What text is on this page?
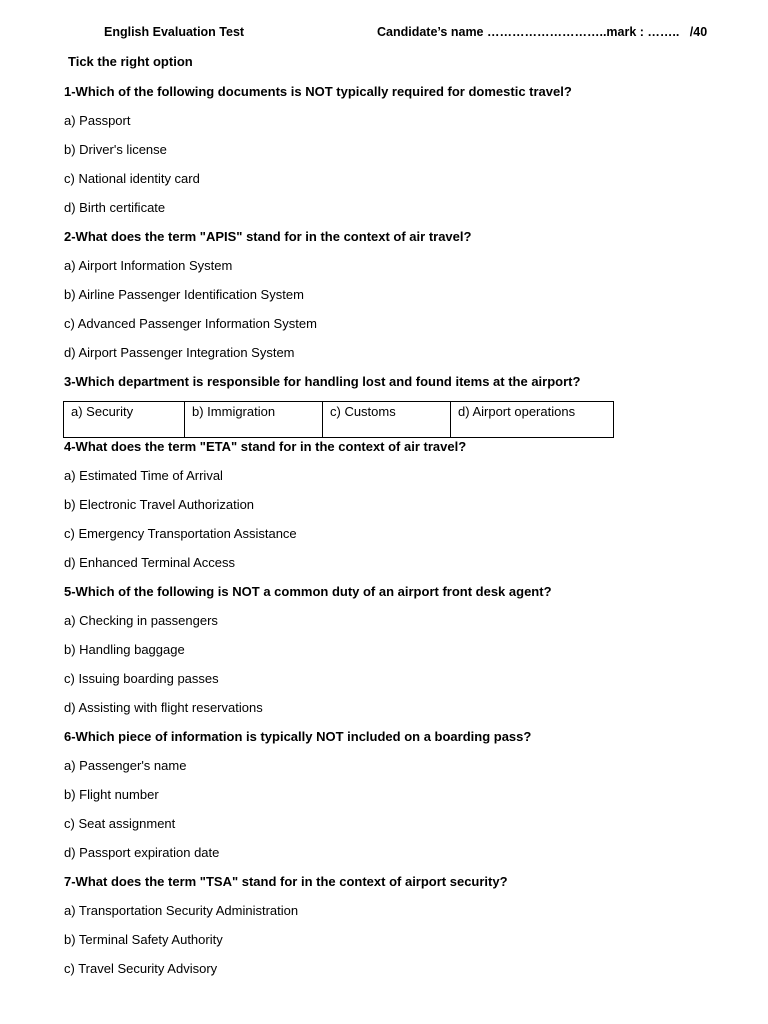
English Evaluation Test	Candidate’s name ………………………..mark : ……..   /40
Tick the right option
1-Which of the following documents is NOT typically required for domestic travel?
a) Passport
b) Driver's license
c) National identity card
d) Birth certificate
2-What does the term "APIS" stand for in the context of air travel?
a) Airport Information System
b) Airline Passenger Identification System
c) Advanced Passenger Information System
d) Airport Passenger Integration System
3-Which department is responsible for handling lost and found items at the airport?
a) Security	b) Immigration	c) Customs	d) Airport operations
4-What does the term "ETA" stand for in the context of air travel?
a) Estimated Time of Arrival
b) Electronic Travel Authorization
c) Emergency Transportation Assistance
d) Enhanced Terminal Access
5-Which of the following is NOT a common duty of an airport front desk agent?
a) Checking in passengers
b) Handling baggage
c) Issuing boarding passes
d) Assisting with flight reservations
6-Which piece of information is typically NOT included on a boarding pass?
a) Passenger's name
b) Flight number
c) Seat assignment
d) Passport expiration date
7-What does the term "TSA" stand for in the context of airport security?
a) Transportation Security Administration
b) Terminal Safety Authority
c) Travel Security Advisory
